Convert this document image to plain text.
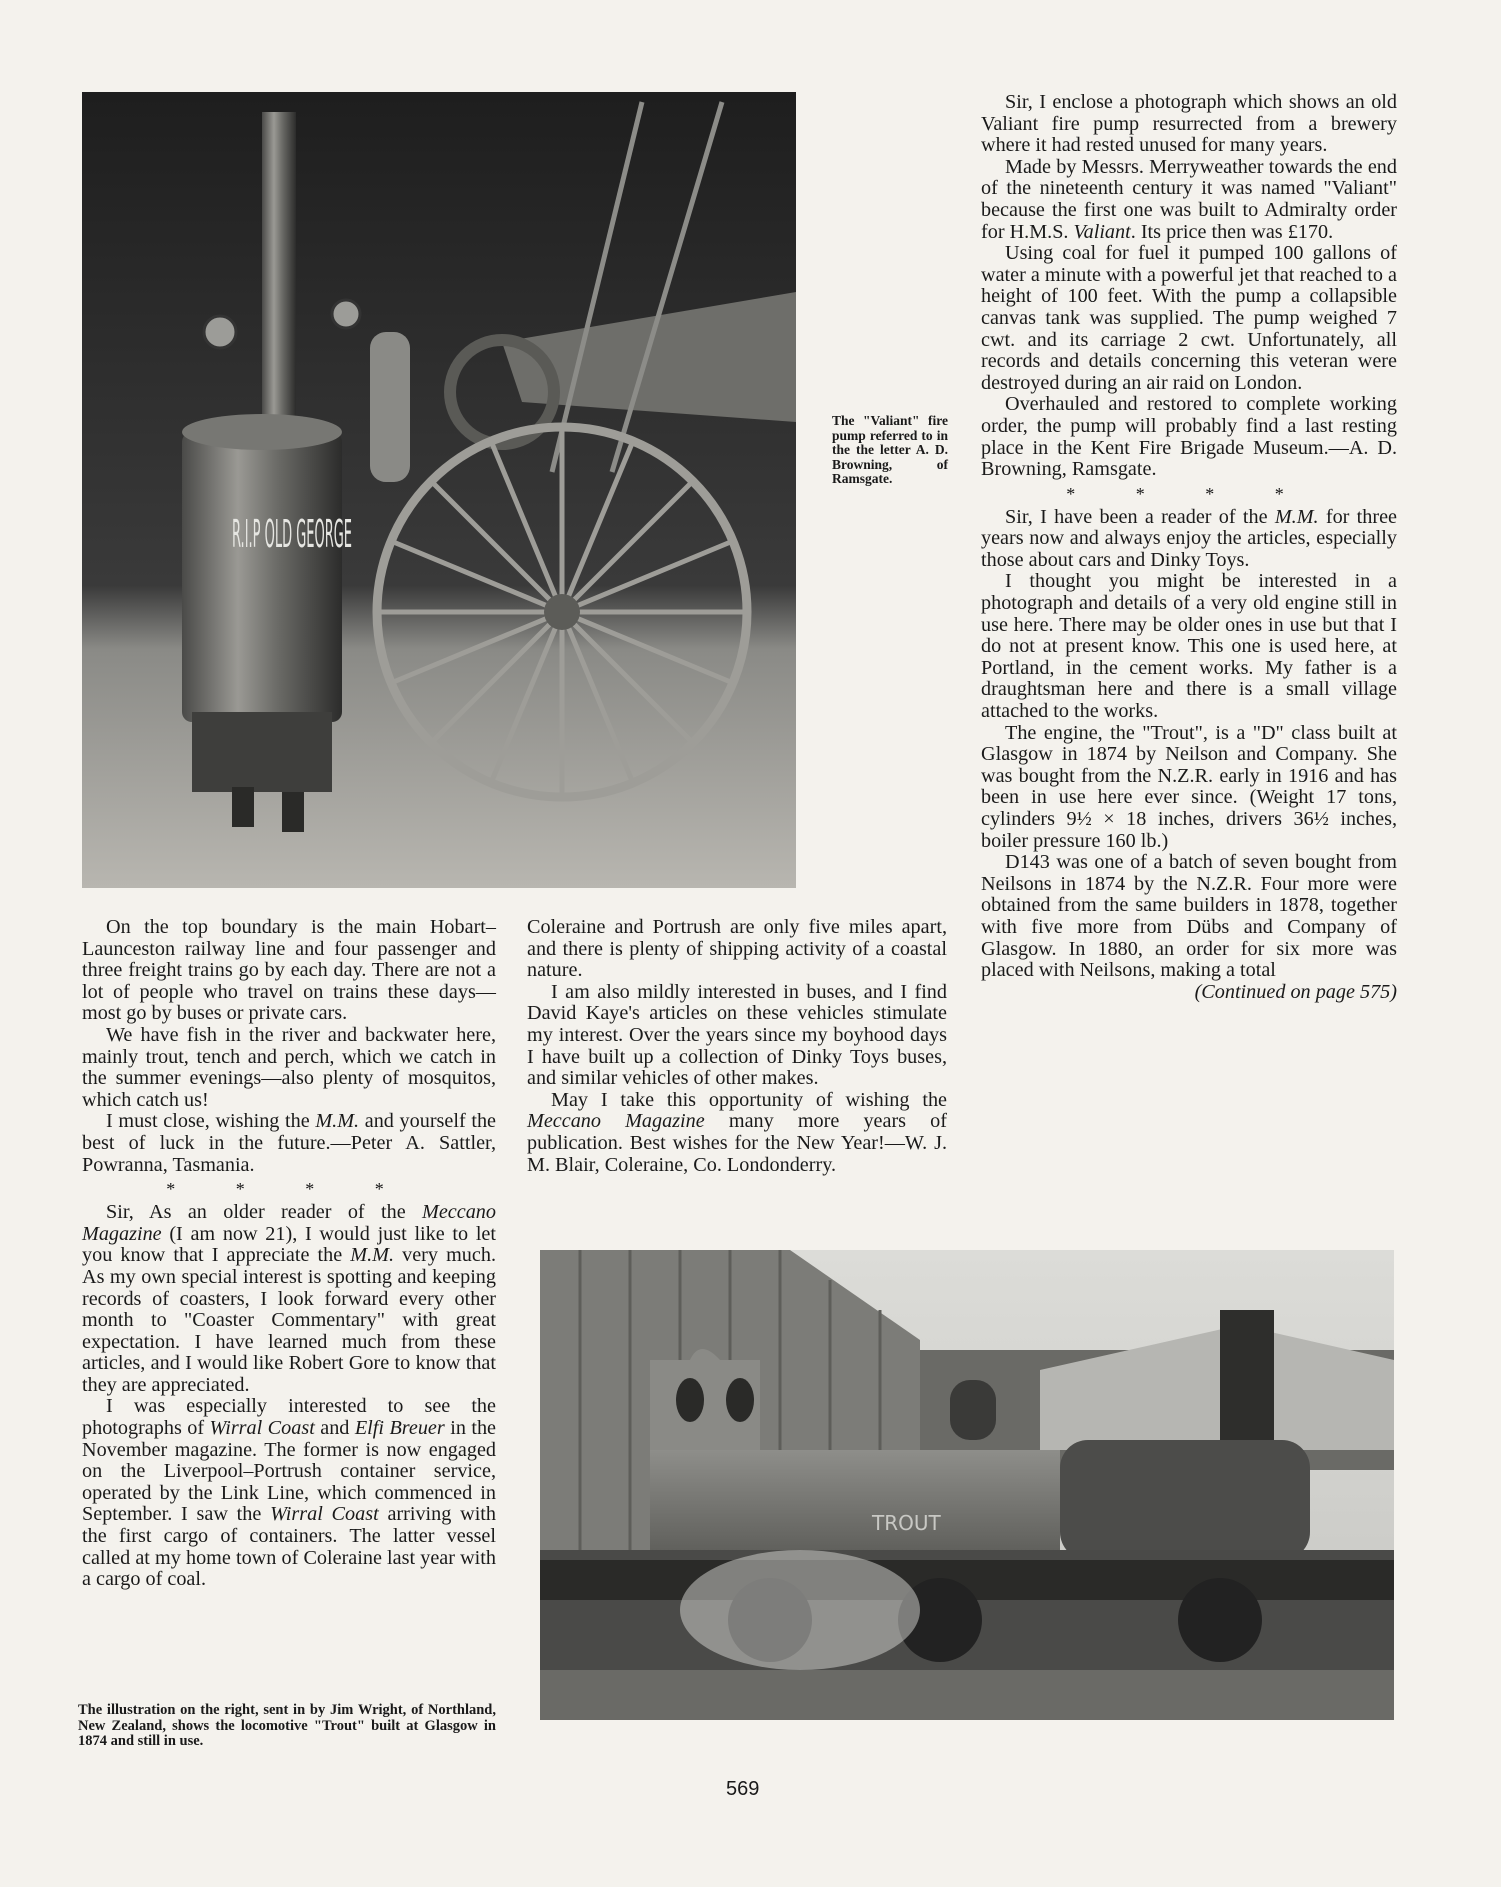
R.I.P OLD GEORGE
The "Valiant" fire pump referred to in the the letter A. D. Browning, of Ramsgate.

Sir, I enclose a photograph which shows an old Valiant fire pump resurrected from a brewery where it had rested unused for many years.

Made by Messrs. Merryweather towards the end of the nineteenth century it was named "Valiant" because the first one was built to Admiralty order for H.M.S. Valiant. Its price then was £170.

Using coal for fuel it pumped 100 gallons of water a minute with a powerful jet that reached to a height of 100 feet. With the pump a collapsible canvas tank was supplied. The pump weighed 7 cwt. and its carriage 2 cwt. Unfortunately, all records and details concerning this veteran were destroyed during an air raid on London.

Overhauled and restored to complete working order, the pump will probably find a last resting place in the Kent Fire Brigade Museum.—A. D. Browning, Ramsgate.

* * * *

Sir, I have been a reader of the M.M. for three years now and always enjoy the articles, especially those about cars and Dinky Toys.

I thought you might be interested in a photograph and details of a very old engine still in use here. There may be older ones in use but that I do not at present know. This one is used here, at Portland, in the cement works. My father is a draughtsman here and there is a small village attached to the works.

The engine, the "Trout", is a "D" class built at Glasgow in 1874 by Neilson and Company. She was bought from the N.Z.R. early in 1916 and has been in use here ever since. (Weight 17 tons, cylinders 9½ × 18 inches, drivers 36½ inches, boiler pressure 160 lb.)

D143 was one of a batch of seven bought from Neilsons in 1874 by the N.Z.R. Four more were obtained from the same builders in 1878, together with five more from Dübs and Company of Glasgow. In 1880, an order for six more was placed with Neilsons, making a total

(Continued on page 575)

On the top boundary is the main Hobart–Launceston railway line and four passenger and three freight trains go by each day. There are not a lot of people who travel on trains these days—most go by buses or private cars.

We have fish in the river and backwater here, mainly trout, tench and perch, which we catch in the summer evenings—also plenty of mosquitos, which catch us!

I must close, wishing the M.M. and yourself the best of luck in the future.—Peter A. Sattler, Powranna, Tasmania.

* * * *

Sir, As an older reader of the Meccano Magazine (I am now 21), I would just like to let you know that I appreciate the M.M. very much. As my own special interest is spotting and keeping records of coasters, I look forward every other month to "Coaster Commentary" with great expectation. I have learned much from these articles, and I would like Robert Gore to know that they are appreciated.

I was especially interested to see the photographs of Wirral Coast and Elfi Breuer in the November magazine. The former is now engaged on the Liverpool–Portrush container service, operated by the Link Line, which commenced in September. I saw the Wirral Coast arriving with the first cargo of containers. The latter vessel called at my home town of Coleraine last year with a cargo of coal.

Coleraine and Portrush are only five miles apart, and there is plenty of shipping activity of a coastal nature.

I am also mildly interested in buses, and I find David Kaye's articles on these vehicles stimulate my interest. Over the years since my boyhood days I have built up a collection of Dinky Toys buses, and similar vehicles of other makes.

May I take this opportunity of wishing the Meccano Magazine many more years of publication. Best wishes for the New Year!—W. J. M. Blair, Coleraine, Co. Londonderry.

TROUT
The illustration on the right, sent in by Jim Wright, of Northland, New Zealand, shows the locomotive "Trout" built at Glasgow in 1874 and still in use.
569
